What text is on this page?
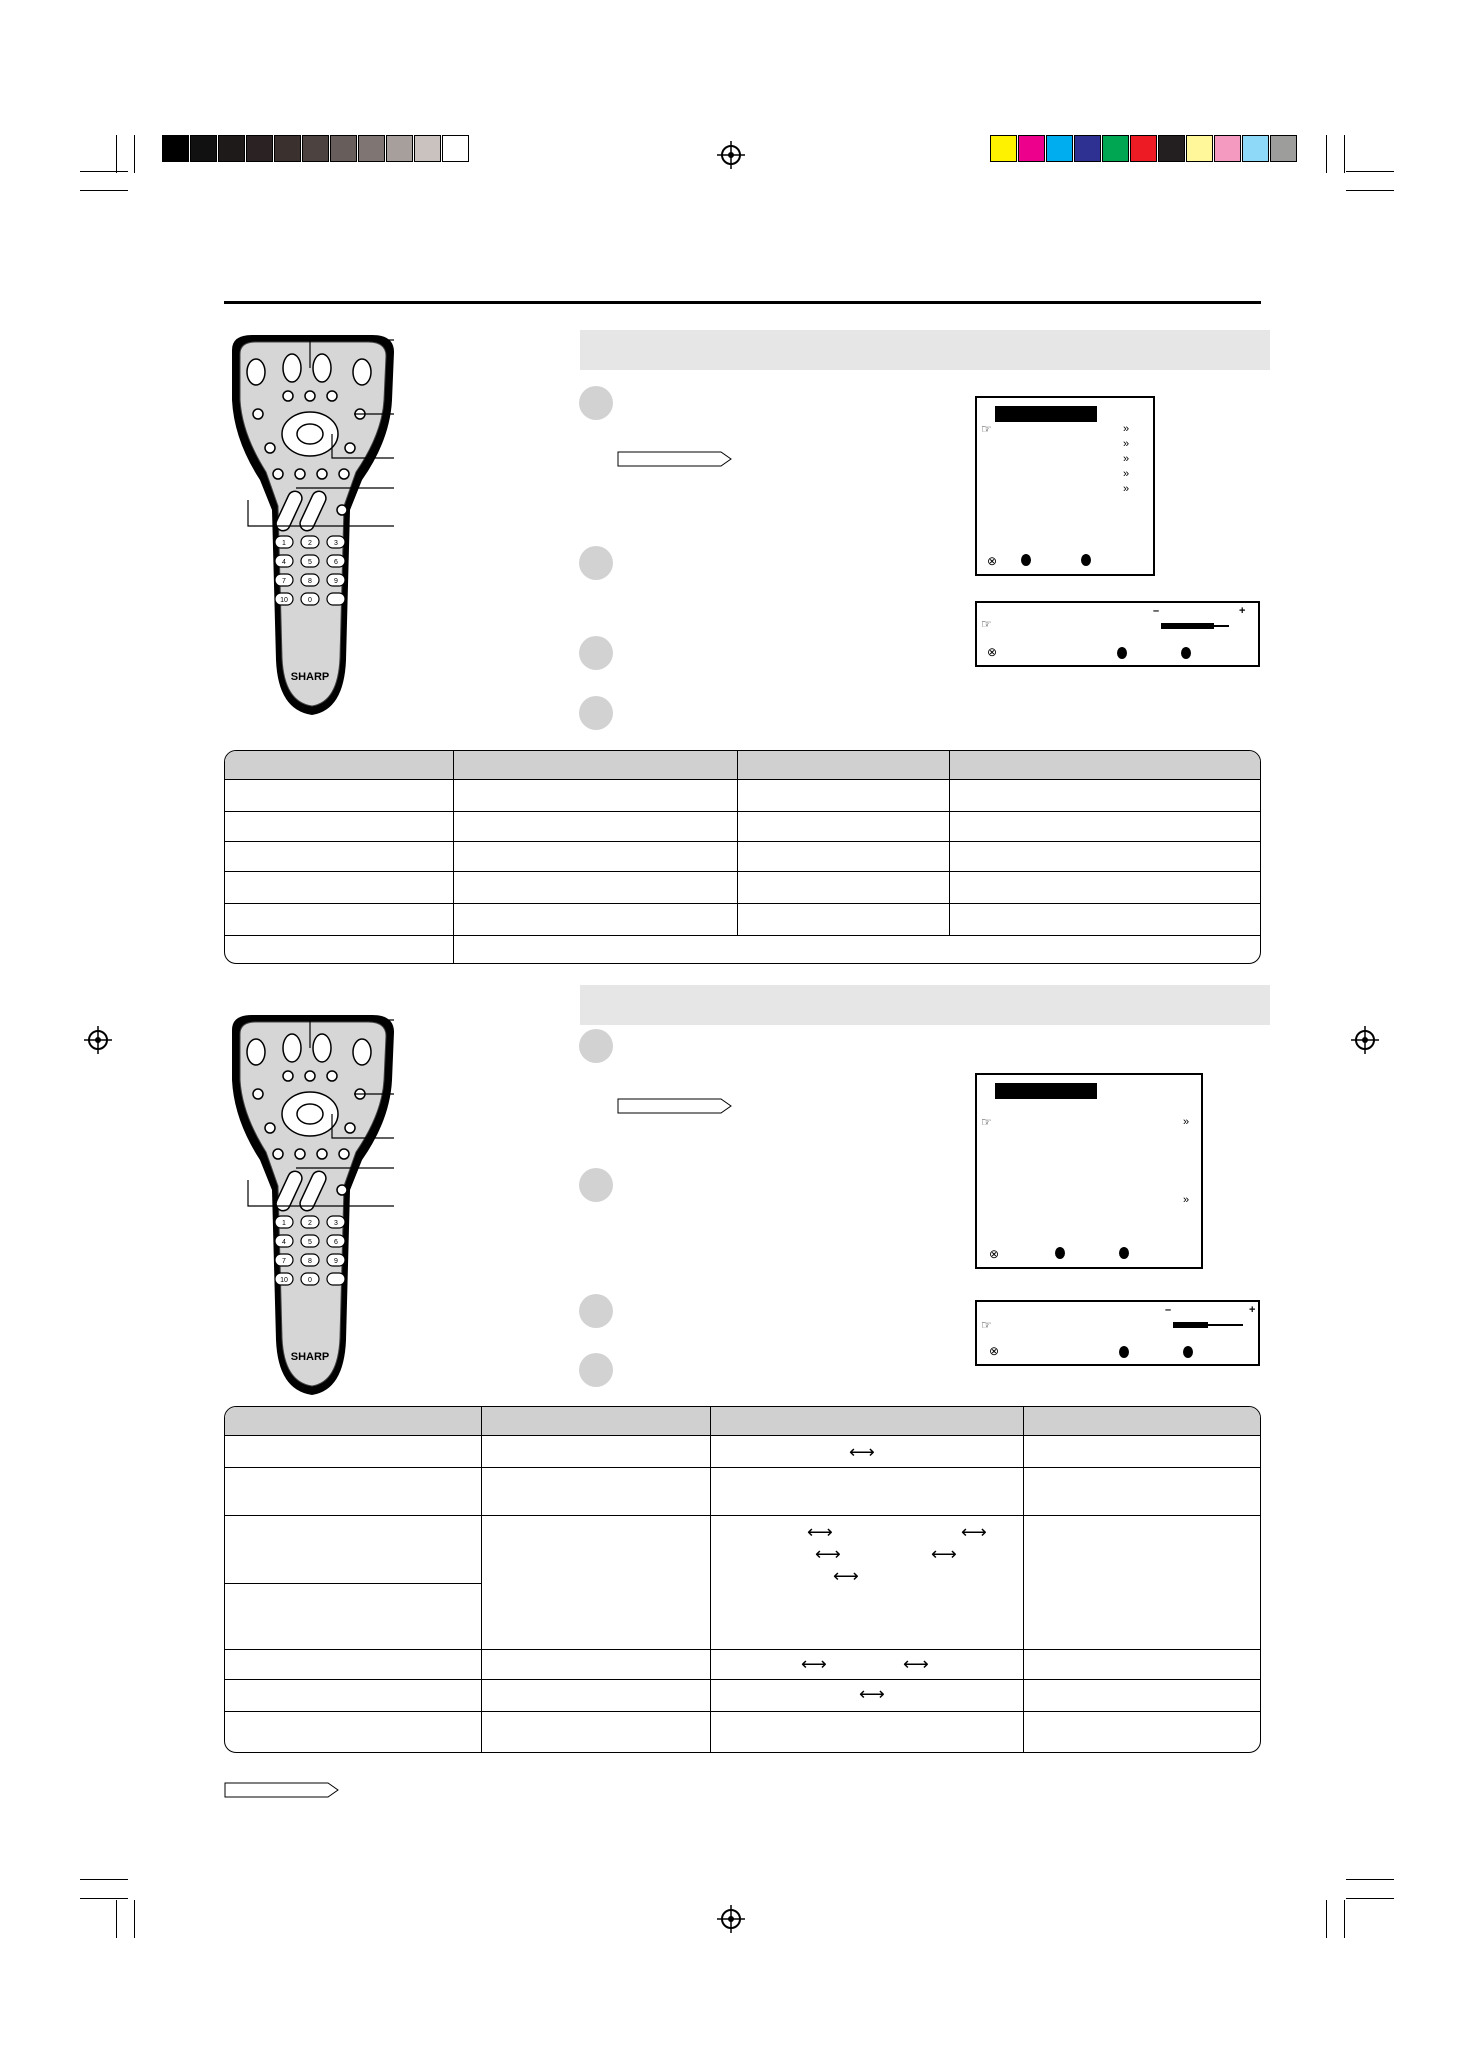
1	2	3
4	5	6
7	8	9
10	0
SHARP
☞	»
»
»
»
»
⊗
–	+
☞
⊗
1	2	3
4	5	6
7	8	9
10	0
SHARP
☞	»
»
⊗
–	+
☞
⊗
⟷
⟷	⟷
⟷	⟷
⟷
⟷	⟷
⟷
